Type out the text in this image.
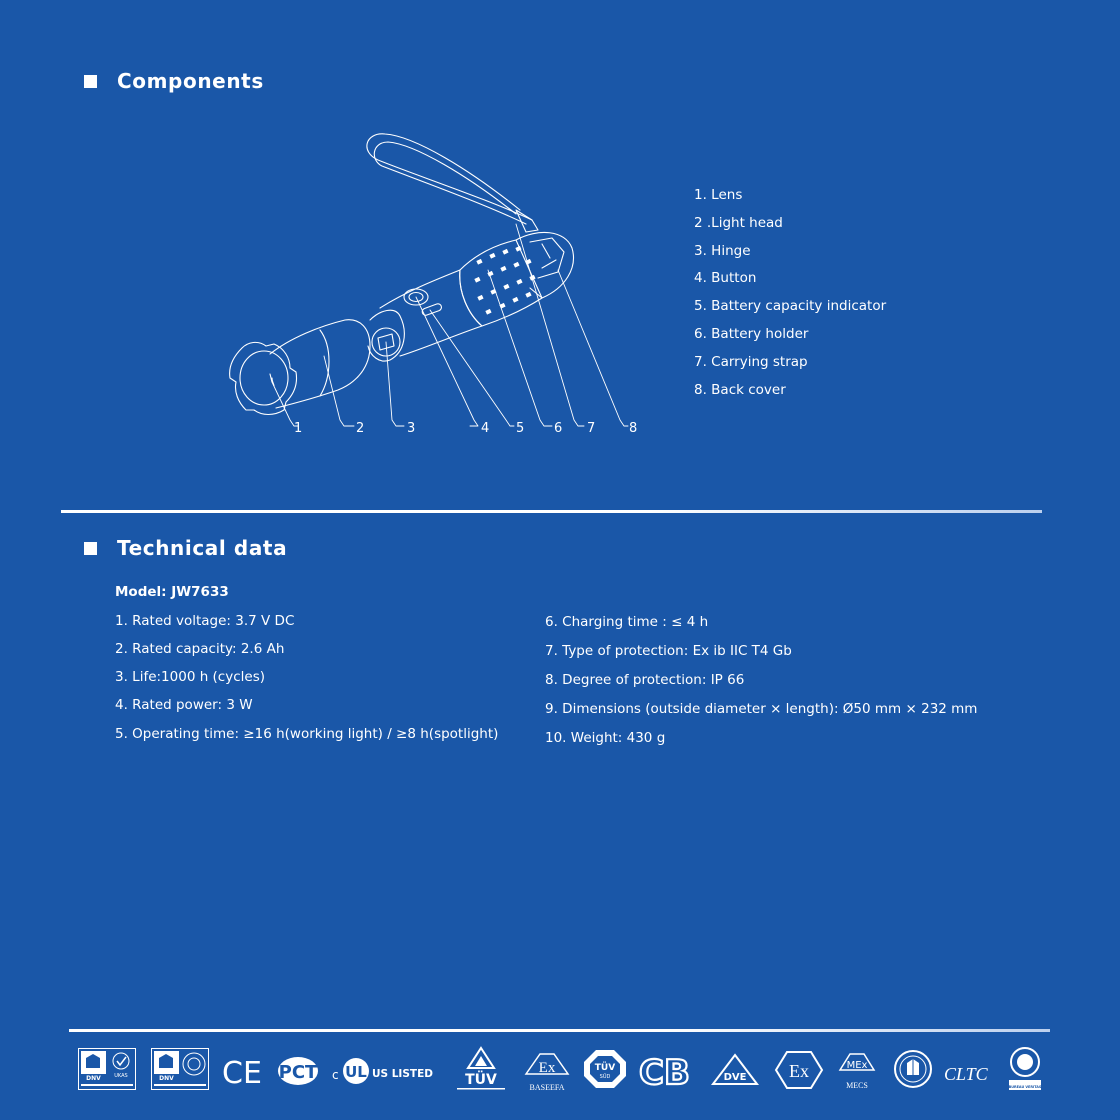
Components
1	2	3	4 5 6 7	8
1. Lens
2 .Light head
3. Hinge
4. Button
5. Battery capacity indicator
6. Battery holder
7. Carrying strap
8. Back cover
Technical data
Model: JW7633
1. Rated voltage: 3.7 V DC
2. Rated capacity: 2.6 Ah
3. Life:1000 h (cycles)
4. Rated power: 3 W
5. Operating time: ≥16 h(working light) / ≥8 h(spotlight)
6. Charging time : ≤ 4 h
7. Type of protection: Ex ib IIC T4 Gb
8. Degree of protection: IP 66
9. Dimensions (outside diameter × length): Ø50 mm × 232 mm
10. Weight: 430 g
DNV	UKAS	DNV CE PCT c UL US LISTED TÜV
Ex
BASEEFA
TÜV
SÜD CB	DVE Ex	MEx
MECS
CLTC
BUREAU VERITAS
